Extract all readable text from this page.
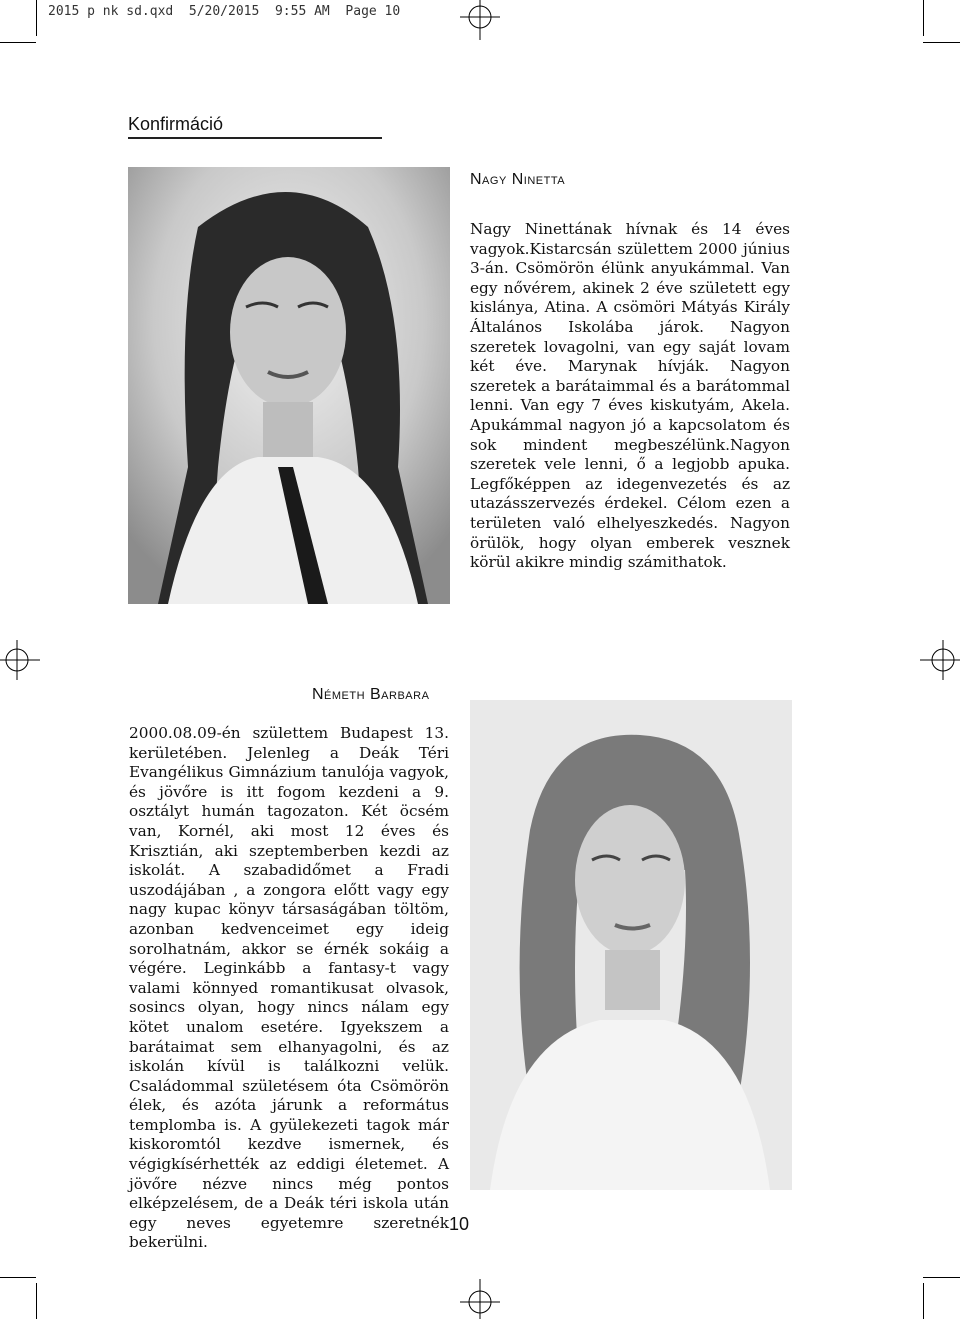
2015 p nk sd.qxd  5/20/2015  9:55 AM  Page 10
Konfirmáció
Nagy Ninetta
Nagy Ninettának hívnak és 14 éves vagyok.Kistarcsán születtem 2000 június 3-án. Csömörön élünk anyukámmal. Van egy nővérem, akinek 2 éve született egy kislánya, Atina. A csömöri Mátyás Király Általános Iskolába járok. Nagyon szeretek lovagolni, van egy saját lovam két éve. Marynak hívják. Nagyon szeretek a barátaimmal és a barátommal lenni. Van egy 7 éves kiskutyám, Akela. Apukámmal nagyon jó a kapcsolatom és sok mindent megbeszélünk.Nagyon szeretek vele lenni, ő a legjobb apuka. Legfőképpen az idegenvezetés és az utazásszervezés érdekel. Célom ezen a területen való elhelyeszkedés. Nagyon örülök, hogy olyan emberek vesznek körül akikre mindig számithatok.
Németh Barbara
2000.08.09-én születtem Budapest 13. kerületében. Jelenleg a Deák Téri Evangélikus Gimnázium tanulója vagyok, és jövőre is itt fogom kezdeni a 9. osztályt humán tagozaton. Két öcsém van, Kornél, aki most 12 éves és Krisztián, aki szeptemberben kezdi az iskolát. A szabadidőmet a Fradi uszodájában , a zongora előtt vagy egy nagy kupac könyv társaságában töltöm, azonban kedvenceimet egy ideig sorolhatnám, akkor se érnék sokáig a végére. Leginkább a fantasy-t vagy valami könnyed romantikusat olvasok, sosincs olyan, hogy nincs nálam egy kötet unalom esetére. Igyekszem a barátaimat sem elhanyagolni, és az iskolán kívül is találkozni velük. Családommal születésem óta Csömörön élek, és azóta járunk a református templomba is. A gyülekezeti tagok már kiskoromtól kezdve ismernek, és végigkísérhették az eddigi életemet. A jövőre nézve nincs még pontos elképzelésem, de a Deák téri iskola után egy neves egyetemre szeretnék bekerülni.
10
